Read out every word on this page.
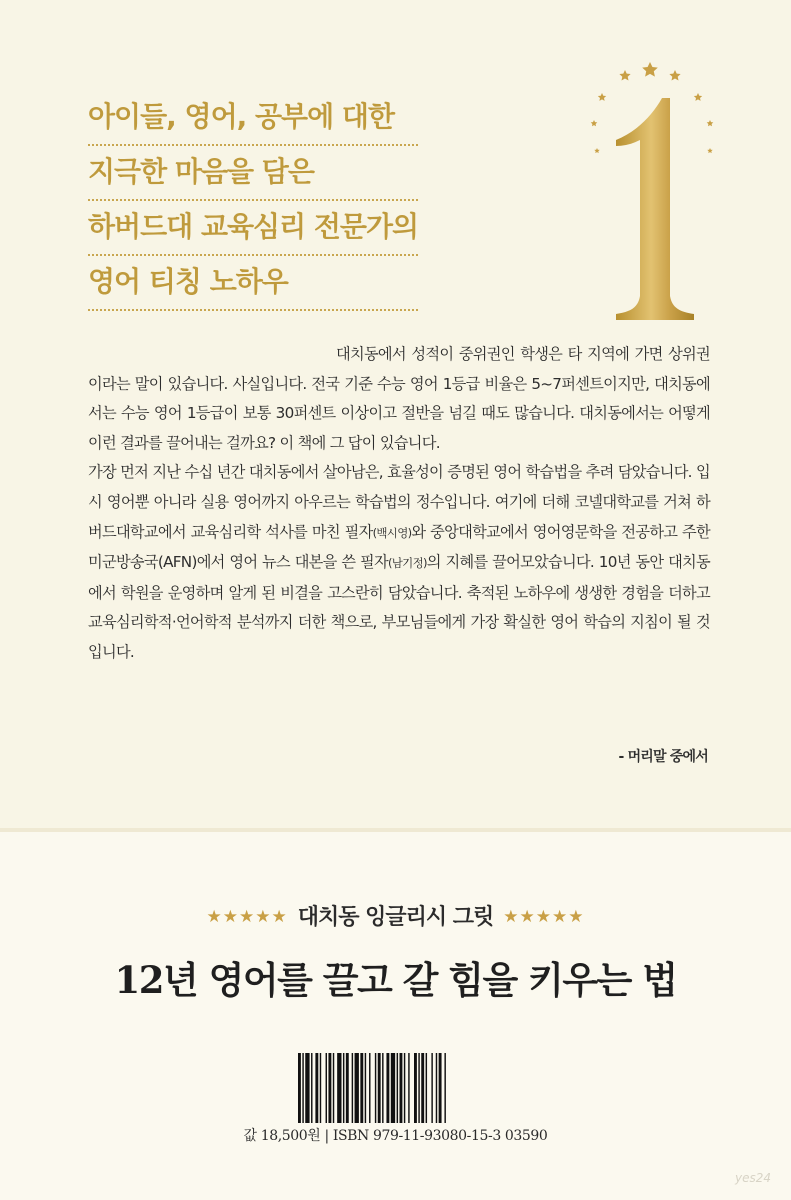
아이들, 영어, 공부에 대한
지극한 마음을 담은
하버드대 교육심리 전문가의
영어 티칭 노하우

대치동에서 성적이 중위권인 학생은 타 지역에 가면 상위권이라는 말이 있습니다. 사실입니다. 전국 기준 수능 영어 1등급 비율은 5~7퍼센트이지만, 대치동에서는 수능 영어 1등급이 보통 30퍼센트 이상이고 절반을 넘길 때도 많습니다. 대치동에서는 어떻게 이런 결과를 끌어내는 걸까요? 이 책에 그 답이 있습니다.

가장 먼저 지난 수십 년간 대치동에서 살아남은, 효율성이 증명된 영어 학습법을 추려 담았습니다. 입시 영어뿐 아니라 실용 영어까지 아우르는 학습법의 정수입니다. 여기에 더해 코넬대학교를 거쳐 하버드대학교에서 교육심리학 석사를 마친 필자(백시영)와 중앙대학교에서 영어영문학을 전공하고 주한미군방송국(AFN)에서 영어 뉴스 대본을 쓴 필자(남기정)의 지혜를 끌어모았습니다. 10년 동안 대치동에서 학원을 운영하며 알게 된 비결을 고스란히 담았습니다. 축적된 노하우에 생생한 경험을 더하고 교육심리학적·언어학적 분석까지 더한 책으로, 부모님들에게 가장 확실한 영어 학습의 지침이 될 것입니다.

- 머리말 중에서
★★★★★ 대치동 잉글리시 그릿 ★★★★★
12년 영어를 끌고 갈 힘을 키우는 법
값 18,500원 | ISBN 979-11-93080-15-3 03590
yes24
